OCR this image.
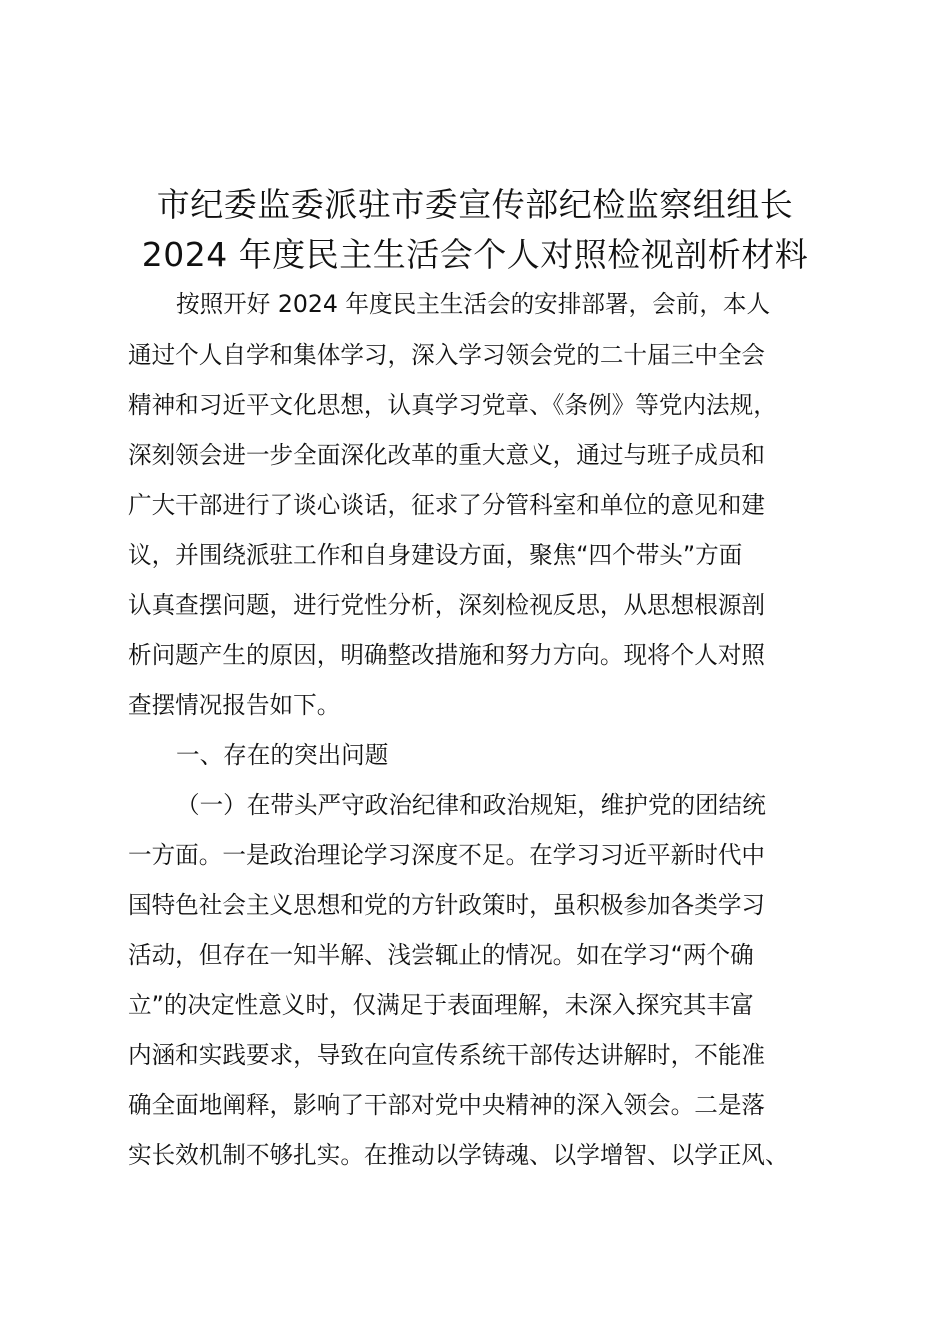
市纪委监委派驻市委宣传部纪检监察组组长
2024 年度民主生活会个人对照检视剖析材料
按照开好 2024 年度民主生活会的安排部署，会前，本人
通过个人自学和集体学习，深入学习领会党的二十届三中全会
精神和习近平文化思想，认真学习党章、《条例》等党内法规，
深刻领会进一步全面深化改革的重大意义，通过与班子成员和
广大干部进行了谈心谈话，征求了分管科室和单位的意见和建
议，并围绕派驻工作和自身建设方面，聚焦“四个带头”方面
认真查摆问题，进行党性分析，深刻检视反思，从思想根源剖
析问题产生的原因，明确整改措施和努力方向。现将个人对照
查摆情况报告如下。
一、存在的突出问题
（一）在带头严守政治纪律和政治规矩，维护党的团结统
一方面。一是政治理论学习深度不足。在学习习近平新时代中
国特色社会主义思想和党的方针政策时，虽积极参加各类学习
活动，但存在一知半解、浅尝辄止的情况。如在学习“两个确
立”的决定性意义时，仅满足于表面理解，未深入探究其丰富
内涵和实践要求，导致在向宣传系统干部传达讲解时，不能准
确全面地阐释，影响了干部对党中央精神的深入领会。二是落
实长效机制不够扎实。在推动以学铸魂、以学增智、以学正风、
